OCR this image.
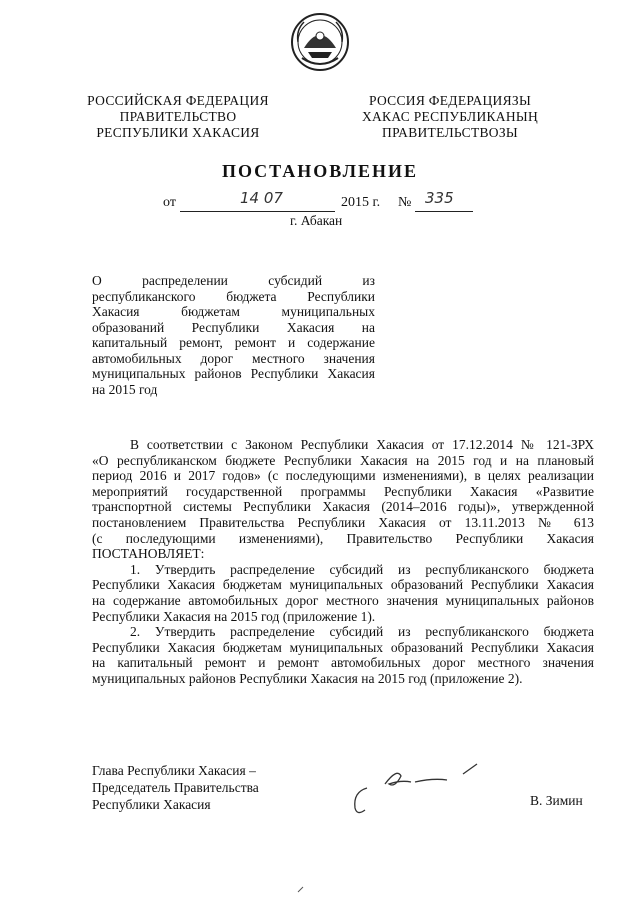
РОССИЙСКАЯ ФЕДЕРАЦИЯ
ПРАВИТЕЛЬСТВО
РЕСПУБЛИКИ ХАКАСИЯ
РОССИЯ ФЕДЕРАЦИЯЗЫ
ХАКАС РЕСПУБЛИКАНЫҢ
ПРАВИТЕЛЬСТВОЗЫ
ПОСТАНОВЛЕНИЕ
от	14 07	2015 г. № 335
г. Абакан
О распределении субсидий из
республиканского бюджета Республики
Хакасия бюджетам муниципальных
образований Республики Хакасия на
капитальный ремонт, ремонт и содержание
автомобильных дорог местного значения
муниципальных районов Республики Хакасия
на 2015 год
В соответствии с Законом Республики Хакасия от 17.12.2014 № 121-ЗРХ
«О республиканском бюджете Республики Хакасия на 2015 год и на плановый
период 2016 и 2017 годов» (с последующими изменениями), в целях реализации
мероприятий государственной программы Республики Хакасия «Развитие
транспортной системы Республики Хакасия (2014–2016 годы)», утвержденной
постановлением Правительства Республики Хакасия от 13.11.2013 № 613
(с последующими изменениями), Правительство Республики Хакасия
ПОСТАНОВЛЯЕТ:
1. Утвердить распределение субсидий из республиканского бюджета
Республики Хакасия бюджетам муниципальных образований Республики Хакасия
на содержание автомобильных дорог местного значения муниципальных районов
Республики Хакасия на 2015 год (приложение 1).
2. Утвердить распределение субсидий из республиканского бюджета
Республики Хакасия бюджетам муниципальных образований Республики Хакасия
на капитальный ремонт и ремонт автомобильных дорог местного значения
муниципальных районов Республики Хакасия на 2015 год (приложение 2).
Глава Республики Хакасия –
Председатель Правительства
Республики Хакасия	В. Зимин
